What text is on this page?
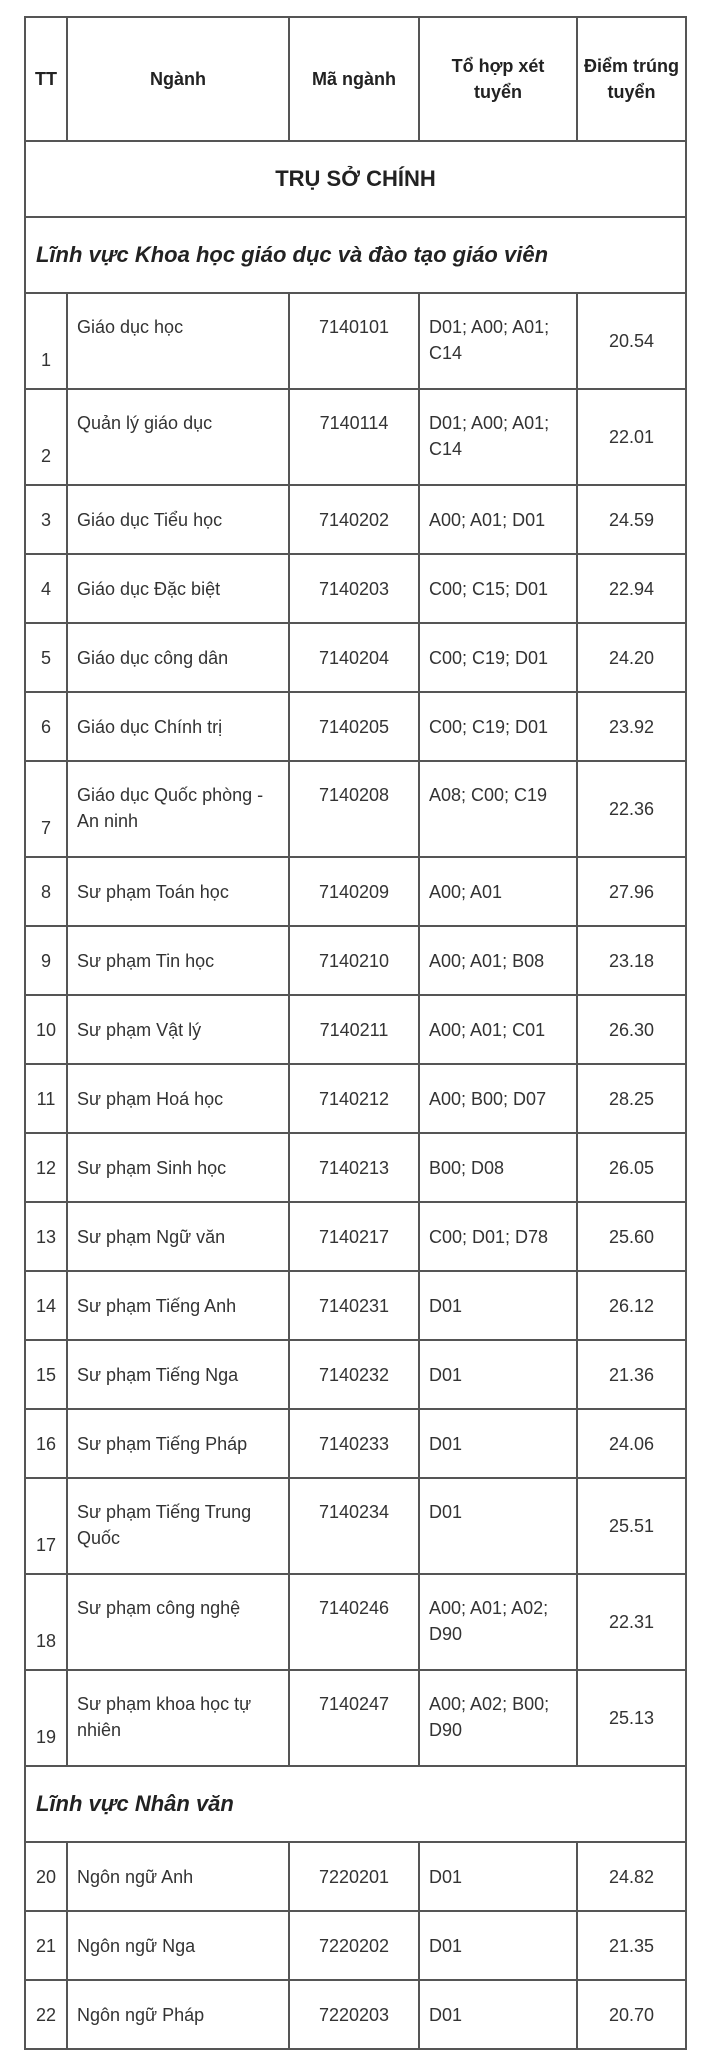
TT	Ngành	Mã ngành	Tổ hợp xét tuyển	Điểm trúng tuyển

TRỤ SỞ CHÍNH				
Lĩnh vực Khoa học giáo dục và đào tạo giáo viên				
1	Giáo dục học	7140101	D01; A00; A01; C14	20.54
2	Quản lý giáo dục	7140114	D01; A00; A01; C14	22.01
3	Giáo dục Tiểu học	7140202	A00; A01; D01	24.59
4	Giáo dục Đặc biệt	7140203	C00; C15; D01	22.94
5	Giáo dục công dân	7140204	C00; C19; D01	24.20
6	Giáo dục Chính trị	7140205	C00; C19; D01	23.92
7	Giáo dục Quốc phòng - An ninh	7140208	A08; C00; C19	22.36
8	Sư phạm Toán học	7140209	A00; A01	27.96
9	Sư phạm Tin học	7140210	A00; A01; B08	23.18
10	Sư phạm Vật lý	7140211	A00; A01; C01	26.30
11	Sư phạm Hoá học	7140212	A00; B00; D07	28.25
12	Sư phạm Sinh học	7140213	B00; D08	26.05
13	Sư phạm Ngữ văn	7140217	C00; D01; D78	25.60
14	Sư phạm Tiếng Anh	7140231	D01	26.12
15	Sư phạm Tiếng Nga	7140232	D01	21.36
16	Sư phạm Tiếng Pháp	7140233	D01	24.06
17	Sư phạm Tiếng Trung Quốc	7140234	D01	25.51
18	Sư phạm công nghệ	7140246	A00; A01; A02; D90	22.31
19	Sư phạm khoa học tự nhiên	7140247	A00; A02; B00; D90	25.13
Lĩnh vực Nhân văn				
20	Ngôn ngữ Anh	7220201	D01	24.82
21	Ngôn ngữ Nga	7220202	D01	21.35
22	Ngôn ngữ Pháp	7220203	D01	20.70
